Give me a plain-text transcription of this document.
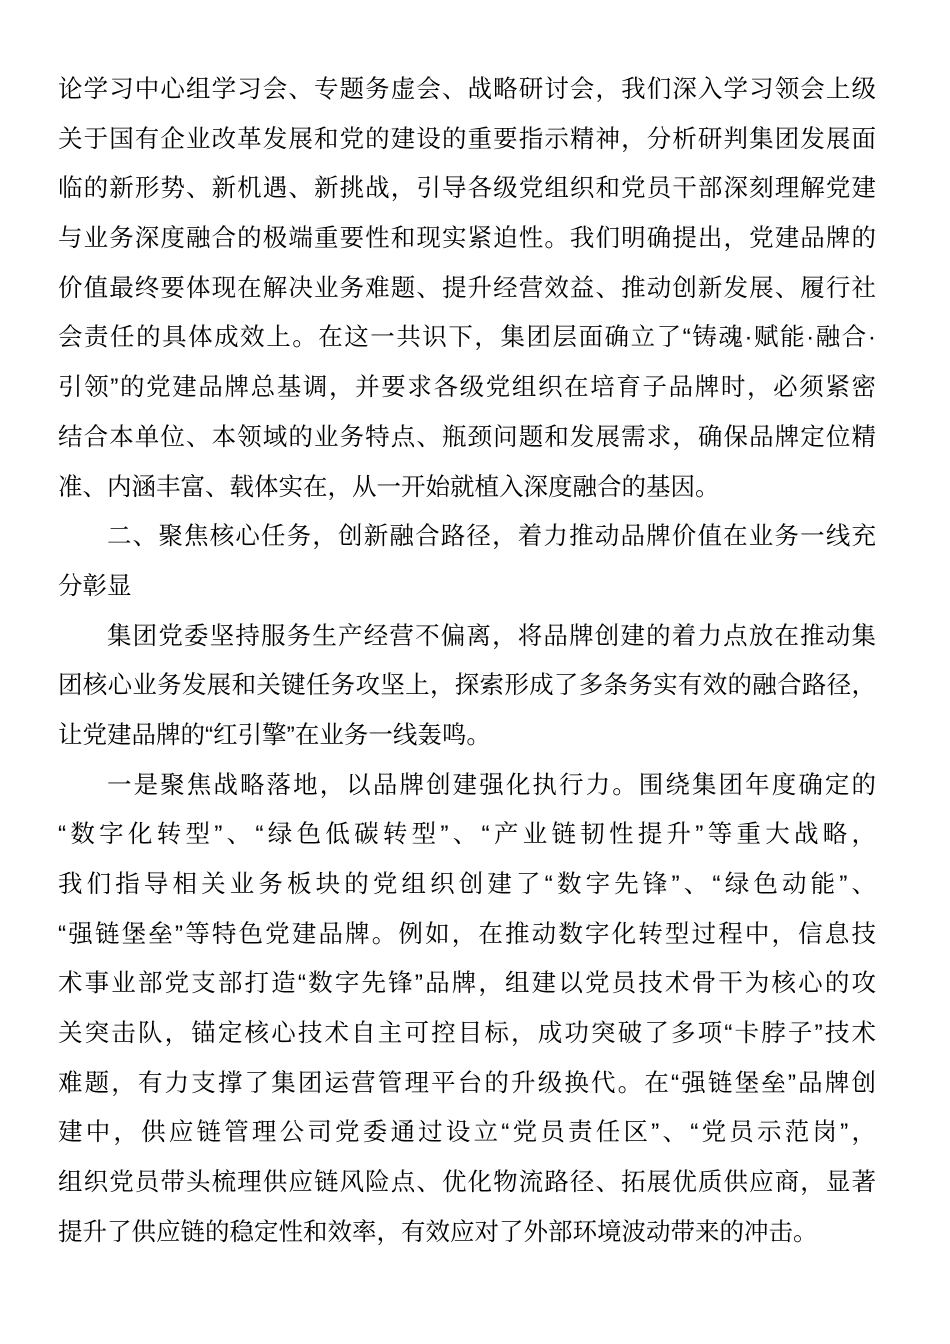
论学习中心组学习会、专题务虚会、战略研讨会，我们深入学习领会上级
关于国有企业改革发展和党的建设的重要指示精神，分析研判集团发展面
临的新形势、新机遇、新挑战，引导各级党组织和党员干部深刻理解党建
与业务深度融合的极端重要性和现实紧迫性。我们明确提出，党建品牌的
价值最终要体现在解决业务难题、提升经营效益、推动创新发展、履行社
会责任的具体成效上。在这一共识下，集团层面确立了“铸魂·赋能·融合·
引领”的党建品牌总基调，并要求各级党组织在培育子品牌时，必须紧密
结合本单位、本领域的业务特点、瓶颈问题和发展需求，确保品牌定位精
准、内涵丰富、载体实在，从一开始就植入深度融合的基因。
二、聚焦核心任务，创新融合路径，着力推动品牌价值在业务一线充
分彰显
集团党委坚持服务生产经营不偏离，将品牌创建的着力点放在推动集
团核心业务发展和关键任务攻坚上，探索形成了多条务实有效的融合路径，
让党建品牌的“红引擎”在业务一线轰鸣。
一是聚焦战略落地，以品牌创建强化执行力。围绕集团年度确定的
“数字化转型”、“绿色低碳转型”、“产业链韧性提升”等重大战略，
我们指导相关业务板块的党组织创建了“数字先锋”、“绿色动能”、
“强链堡垒”等特色党建品牌。例如，在推动数字化转型过程中，信息技
术事业部党支部打造“数字先锋”品牌，组建以党员技术骨干为核心的攻
关突击队，锚定核心技术自主可控目标，成功突破了多项“卡脖子”技术
难题，有力支撑了集团运营管理平台的升级换代。在“强链堡垒”品牌创
建中，供应链管理公司党委通过设立“党员责任区”、“党员示范岗”，
组织党员带头梳理供应链风险点、优化物流路径、拓展优质供应商，显著
提升了供应链的稳定性和效率，有效应对了外部环境波动带来的冲击。
